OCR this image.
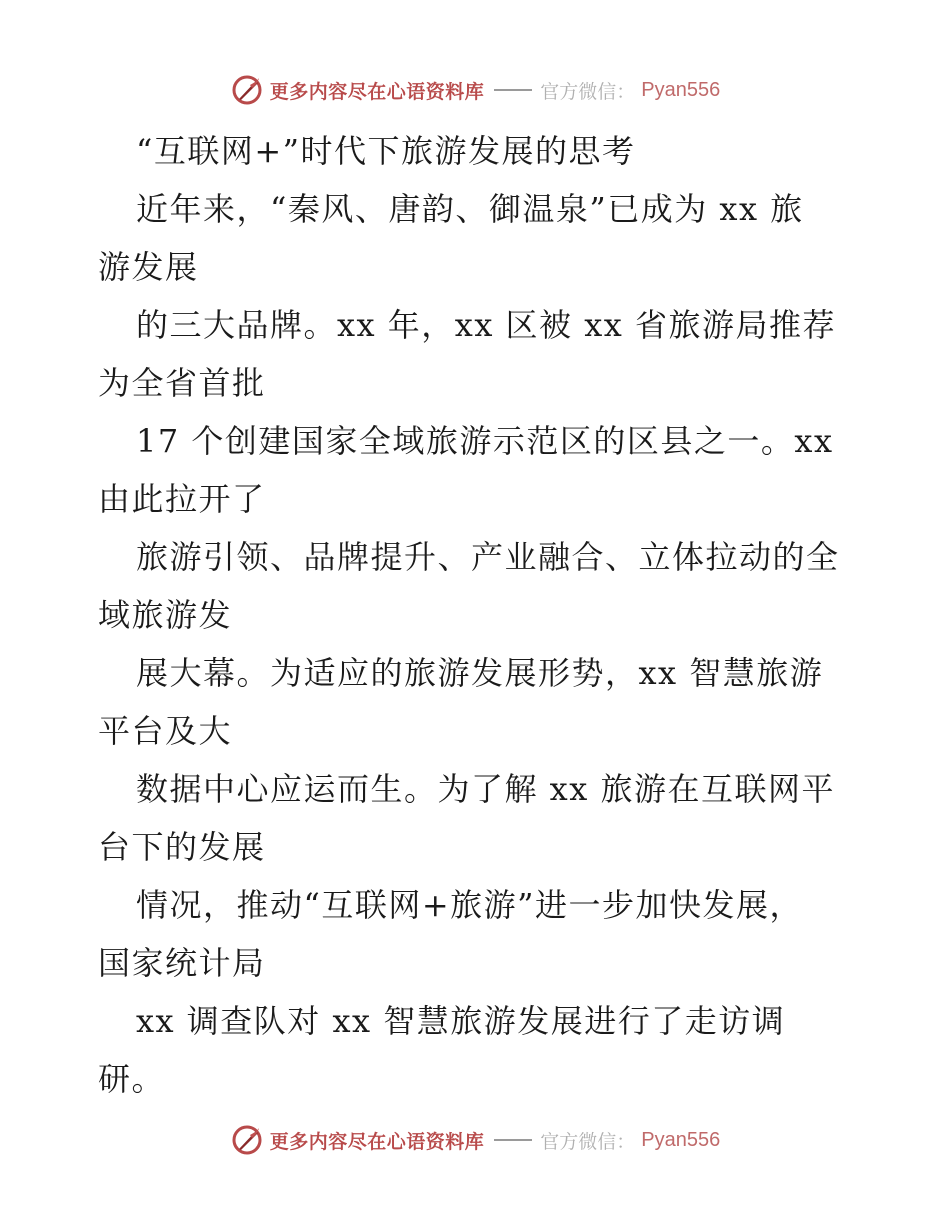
更多内容尽在心语资料库	官方微信： Pyan556
“互联网+”时代下旅游发展的思考
近年来，“秦风、唐韵、御温泉”已成为 xx 旅
游发展
的三大品牌。xx 年，xx 区被 xx 省旅游局推荐
为全省首批
17 个创建国家全域旅游示范区的区县之一。xx
由此拉开了
旅游引领、品牌提升、产业融合、立体拉动的全
域旅游发
展大幕。为适应的旅游发展形势，xx 智慧旅游
平台及大
数据中心应运而生。为了解 xx 旅游在互联网平
台下的发展
情况，推动“互联网+旅游”进一步加快发展，
国家统计局
xx 调查队对 xx 智慧旅游发展进行了走访调
研。
更多内容尽在心语资料库	官方微信： Pyan556
